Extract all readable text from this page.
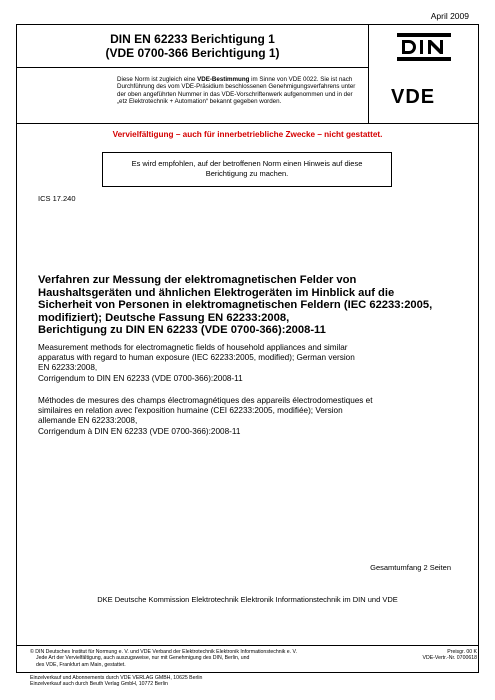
April 2009
DIN EN 62233 Berichtigung 1
(VDE 0700-366 Berichtigung 1)
Diese Norm ist zugleich eine VDE-Bestimmung im Sinne von VDE 0022. Sie ist nach Durchführung des vom VDE-Präsidium beschlossenen Genehmigungsverfahrens unter der oben angeführten Nummer in das VDE-Vorschriftenwerk aufgenommen und in der „etz Elektrotechnik + Automation“ bekannt gegeben worden.	VDE
Vervielfältigung – auch für innerbetriebliche Zwecke – nicht gestattet.
Es wird empfohlen, auf der betroffenen Norm einen Hinweis auf diese
Berichtigung zu machen.
ICS 17.240
Verfahren zur Messung der elektromagnetischen Felder von
Haushaltsgeräten und ähnlichen Elektrogeräten im Hinblick auf die
Sicherheit von Personen in elektromagnetischen Feldern (IEC 62233:2005,
modifiziert); Deutsche Fassung EN 62233:2008,
Berichtigung zu DIN EN 62233 (VDE 0700-366):2008-11
Measurement methods for electromagnetic fields of household appliances and similar
apparatus with regard to human exposure (IEC 62233:2005, modified); German version
EN 62233:2008,
Corrigendum to DIN EN 62233 (VDE 0700-366):2008-11
Méthodes de mesures des champs électromagnétiques des appareils électrodomestiques et
similaires en relation avec l'exposition humaine (CEI 62233:2005, modifiée); Version
allemande EN 62233:2008,
Corrigendum à DIN EN 62233 (VDE 0700-366):2008-11
Gesamtumfang 2 Seiten
DKE Deutsche Kommission Elektrotechnik Elektronik Informationstechnik im DIN und VDE
© DIN Deutsches Institut für Normung e. V. und VDE Verband der Elektrotechnik Elektronik Informationstechnik e. V.
Jede Art der Vervielfältigung, auch auszugsweise, nur mit Genehmigung des DIN, Berlin, und
des VDE, Frankfurt am Main, gestattet.
Preisgr. 00 K
VDE-Vertr.-Nr. 0700618
Einzelverkauf und Abonnements durch VDE VERLAG GMBH, 10625 Berlin
Einzelverkauf auch durch Beuth Verlag GmbH, 10772 Berlin
